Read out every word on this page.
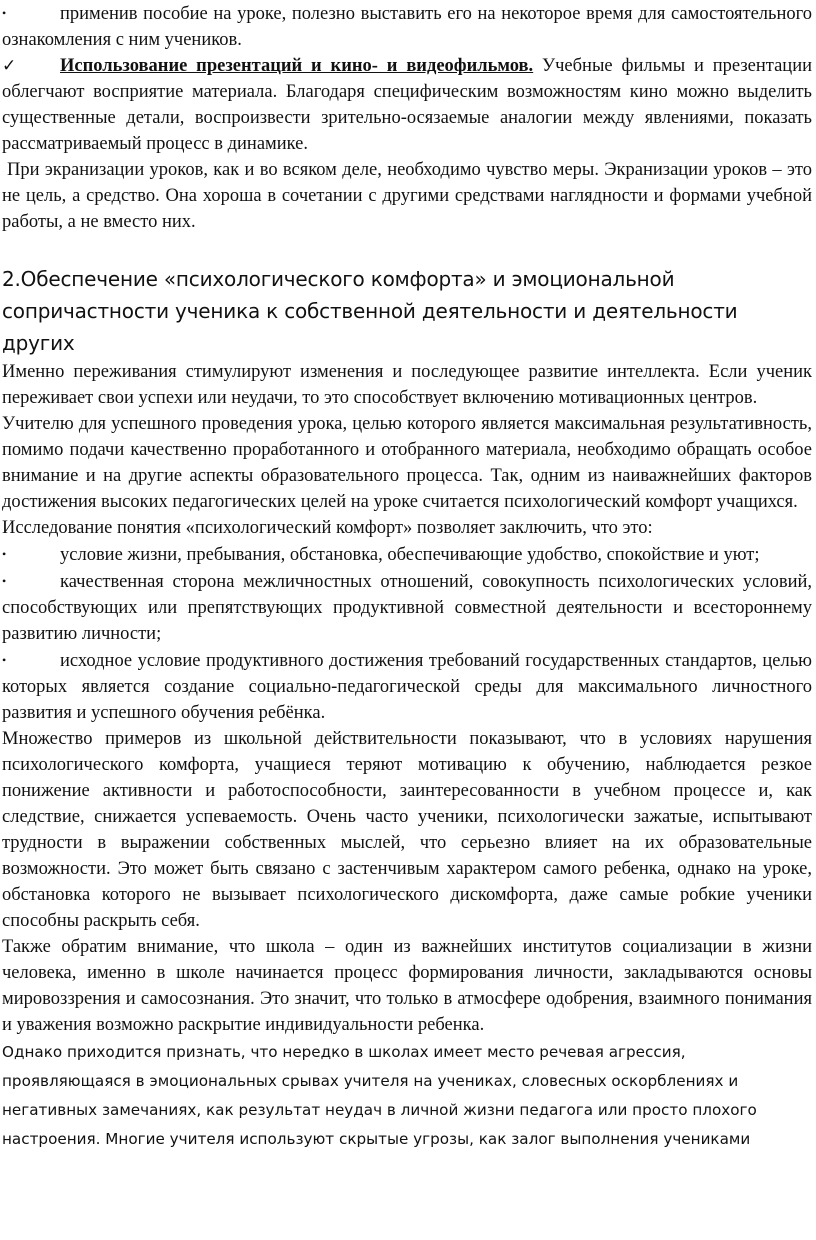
•	применив пособие на уроке, полезно выставить его на некоторое время для самостоятельного ознакомления с ним учеников.

✓ Использование презентаций и кино- и видеофильмов. Учебные фильмы и презентации облегчают восприятие материала. Благодаря специфическим возможностям кино можно выделить существенные детали, воспроизвести зрительно-осязаемые аналогии между явлениями, показать рассматриваемый процесс в динамике.

При экранизации уроков, как и во всяком деле, необходимо чувство меры. Экранизации уроков – это не цель, а средство. Она хороша в сочетании с другими средствами наглядности и формами учебной работы, а не вместо них.

2.Обеспечение «психологического комфорта» и эмоциональной сопричастности ученика к собственной деятельности и деятельности других

Именно переживания стимулируют изменения и последующее развитие интеллекта. Если ученик переживает свои успехи или неудачи, то это способствует включению мотивационных центров.

Учителю для успешного проведения урока, целью которого является максимальная результативность, помимо подачи качественно проработанного и отобранного материала, необходимо обращать особое внимание и на другие аспекты образовательного процесса. Так, одним из наиважнейших факторов достижения высоких педагогических целей на уроке считается психологический комфорт учащихся.

Исследование понятия «психологический комфорт» позволяет заключить, что это:

•	условие жизни, пребывания, обстановка, обеспечивающие удобство, спокойствие и уют;

•	качественная сторона межличностных отношений, совокупность психологических условий, способствующих или препятствующих продуктивной совместной деятельности и всестороннему развитию личности;

•	исходное условие продуктивного достижения требований государственных стандартов, целью которых является создание социально-педагогической среды для максимального личностного развития и успешного обучения ребёнка.

Множество примеров из школьной действительности показывают, что в условиях нарушения психологического комфорта, учащиеся теряют мотивацию к обучению, наблюдается резкое понижение активности и работоспособности, заинтересованности в учебном процессе и, как следствие, снижается успеваемость. Очень часто ученики, психологически зажатые, испытывают трудности в выражении собственных мыслей, что серьезно влияет на их образовательные возможности. Это может быть связано с застенчивым характером самого ребенка, однако на уроке, обстановка которого не вызывает психологического дискомфорта, даже самые робкие ученики способны раскрыть себя.

Также обратим внимание, что школа – один из важнейших институтов социализации в жизни человека, именно в школе начинается процесс формирования личности, закладываются основы мировоззрения и самосознания. Это значит, что только в атмосфере одобрения, взаимного понимания и уважения возможно раскрытие индивидуальности ребенка.

Однако приходится признать, что нередко в школах имеет место речевая агрессия, проявляющаяся в эмоциональных срывах учителя на учениках, словесных оскорблениях и негативных замечаниях, как результат неудач в личной жизни педагога или просто плохого настроения. Многие учителя используют скрытые угрозы, как залог выполнения учениками
